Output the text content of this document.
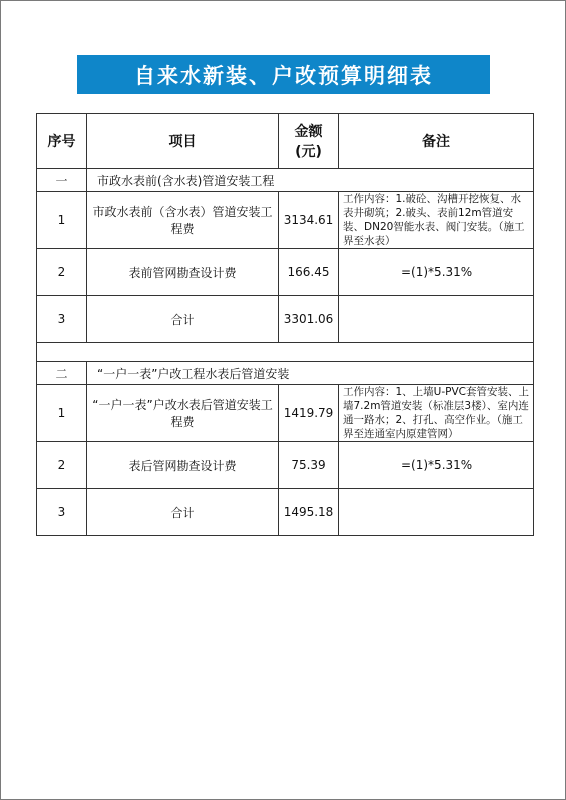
自来水新装、户改预算明细表
序号	项目	金额(元)	备注
一	市政水表前(含水表)管道安装工程		
1	市政水表前（含水表）管道安装工程费	3134.61	工作内容：1.破砼、沟槽开挖恢复、水表井砌筑；2.破头、表前12m管道安装、DN20智能水表、阀门安装。（施工界至水表）
2	表前管网勘查设计费	166.45	=(1)*5.31%
3	合计	3301.06	

二	“一户一表”户改工程水表后管道安装		
1	“一户一表”户改水表后管道安装工程费	1419.79	工作内容：1、上墙U-PVC套管安装、上墙7.2m管道安装（标准层3楼）、室内连通一路水；2、打孔、高空作业。（施工界至连通室内原建管网）
2	表后管网勘查设计费	75.39	=(1)*5.31%
3	合计	1495.18	
